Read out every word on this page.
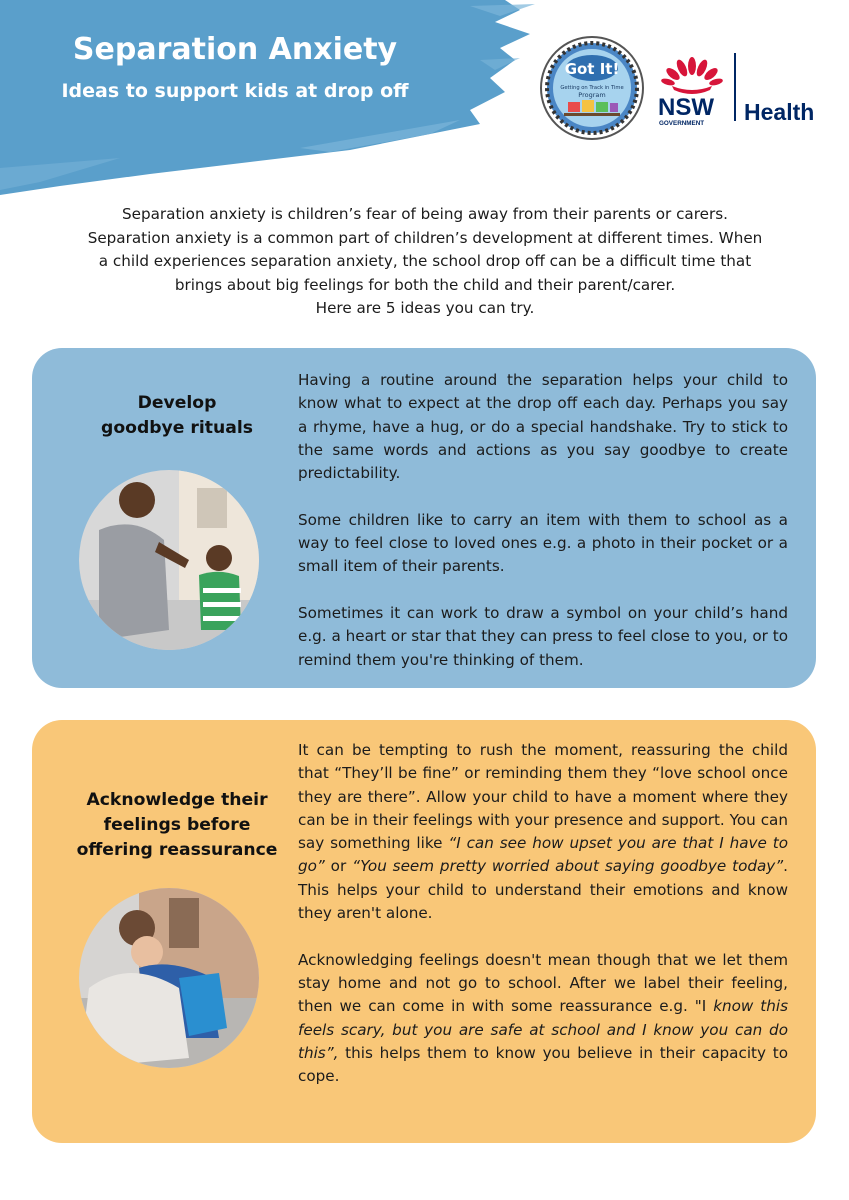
Separation Anxiety
Ideas to support kids at drop off
Got It!
Getting on Track in Time
Program NSW
GOVERNMENT Health
Separation anxiety is children’s fear of being away from their parents or carers.
Separation anxiety is a common part of children’s development at different times. When
a child experiences separation anxiety, the school drop off can be a difficult time that
brings about big feelings for both the child and their parent/carer.
Here are 5 ideas you can try.
Develop
goodbye rituals

Having a routine around the separation helps your child to know what to expect at the drop off each day. Perhaps you say a rhyme, have a hug, or do a special handshake. Try to stick to the same words and actions as you say goodbye to create predictability.

Some children like to carry an item with them to school as a way to feel close to loved ones e.g. a photo in their pocket or a small item of their parents.

Sometimes it can work to draw a symbol on your child’s hand e.g. a heart or star that they can press to feel close to you, or to remind them you're thinking of them.

Acknowledge their
feelings before
offering reassurance

It can be tempting to rush the moment, reassuring the child that “They’ll be fine” or reminding them they “love school once they are there”. Allow your child to have a moment where they can be in their feelings with your presence and support. You can say something like “I can see how upset you are that I have to go” or “You seem pretty worried about saying goodbye today”. This helps your child to understand their emotions and know they aren't alone.

Acknowledging feelings doesn't mean though that we let them stay home and not go to school. After we label their feeling, then we can come in with some reassurance e.g. "I know this feels scary, but you are safe at school and I know you can do this”, this helps them to know you believe in their capacity to cope.
